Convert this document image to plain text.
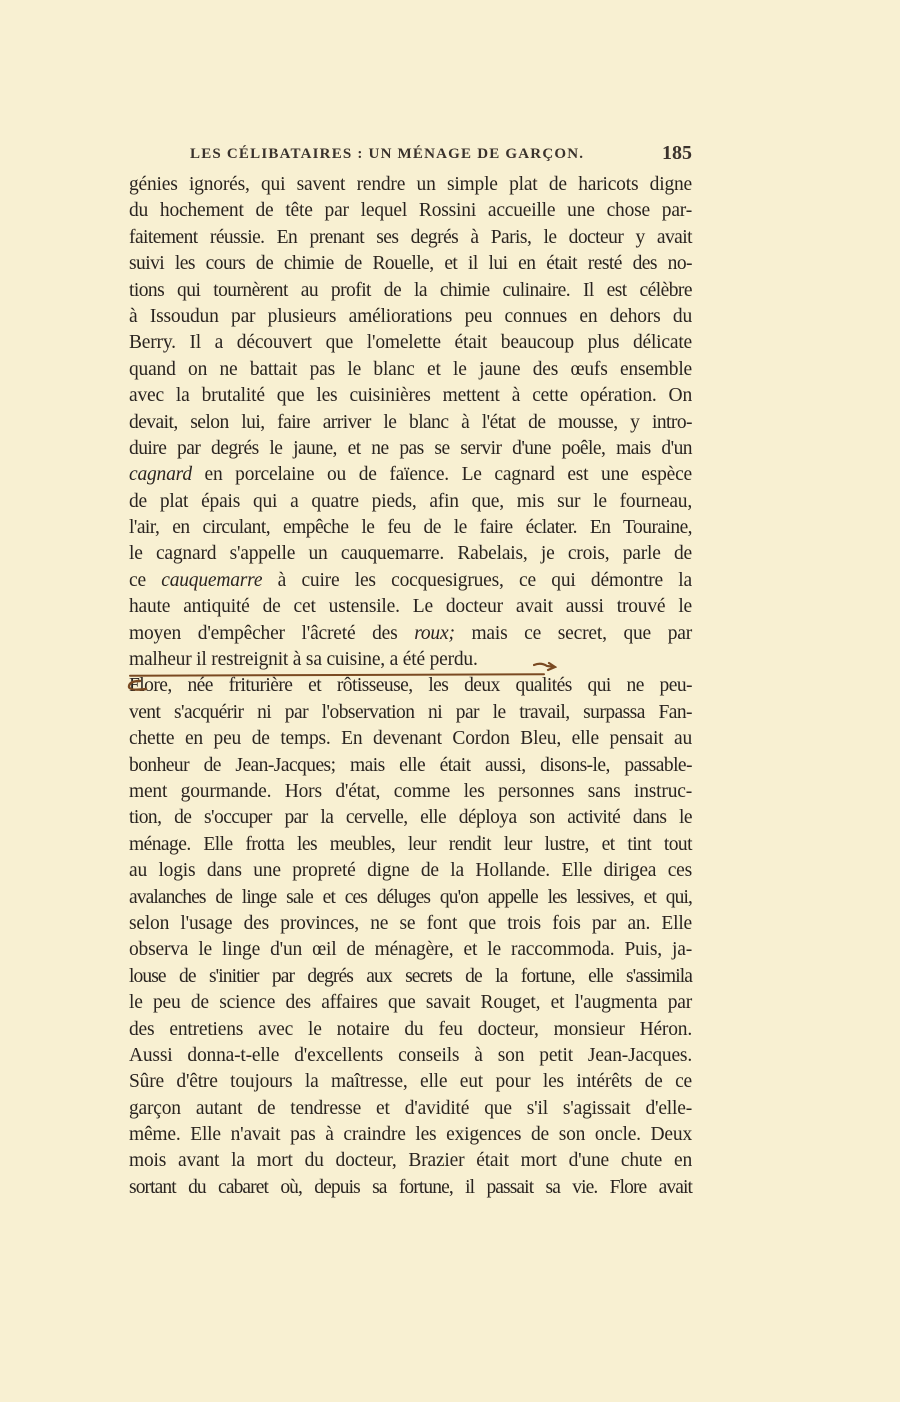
LES CÉLIBATAIRES : UN MÉNAGE DE GARÇON.	185
génies ignorés, qui savent rendre un simple plat de haricots digne
du hochement de tête par lequel Rossini accueille une chose par-
faitement réussie. En prenant ses degrés à Paris, le docteur y avait
suivi les cours de chimie de Rouelle, et il lui en était resté des no-
tions qui tournèrent au profit de la chimie culinaire. Il est célèbre
à Issoudun par plusieurs améliorations peu connues en dehors du
Berry. Il a découvert que l'omelette était beaucoup plus délicate
quand on ne battait pas le blanc et le jaune des œufs ensemble
avec la brutalité que les cuisinières mettent à cette opération. On
devait, selon lui, faire arriver le blanc à l'état de mousse, y intro-
duire par degrés le jaune, et ne pas se servir d'une poêle, mais d'un
cagnard en porcelaine ou de faïence. Le cagnard est une espèce
de plat épais qui a quatre pieds, afin que, mis sur le fourneau,
l'air, en circulant, empêche le feu de le faire éclater. En Touraine,
le cagnard s'appelle un cauquemarre. Rabelais, je crois, parle de
ce cauquemarre à cuire les cocquesigrues, ce qui démontre la
haute antiquité de cet ustensile. Le docteur avait aussi trouvé le
moyen d'empêcher l'âcreté des roux; mais ce secret, que par
malheur il restreignit à sa cuisine, a été perdu.
Flore, née friturière et rôtisseuse, les deux qualités qui ne peu-
vent s'acquérir ni par l'observation ni par le travail, surpassa Fan-
chette en peu de temps. En devenant Cordon Bleu, elle pensait au
bonheur de Jean-Jacques; mais elle était aussi, disons-le, passable-
ment gourmande. Hors d'état, comme les personnes sans instruc-
tion, de s'occuper par la cervelle, elle déploya son activité dans le
ménage. Elle frotta les meubles, leur rendit leur lustre, et tint tout
au logis dans une propreté digne de la Hollande. Elle dirigea ces
avalanches de linge sale et ces déluges qu'on appelle les lessives, et qui,
selon l'usage des provinces, ne se font que trois fois par an. Elle
observa le linge d'un œil de ménagère, et le raccommoda. Puis, ja-
louse de s'initier par degrés aux secrets de la fortune, elle s'assimila
le peu de science des affaires que savait Rouget, et l'augmenta par
des entretiens avec le notaire du feu docteur, monsieur Héron.
Aussi donna-t-elle d'excellents conseils à son petit Jean-Jacques.
Sûre d'être toujours la maîtresse, elle eut pour les intérêts de ce
garçon autant de tendresse et d'avidité que s'il s'agissait d'elle-
même. Elle n'avait pas à craindre les exigences de son oncle. Deux
mois avant la mort du docteur, Brazier était mort d'une chute en
sortant du cabaret où, depuis sa fortune, il passait sa vie. Flore avait
